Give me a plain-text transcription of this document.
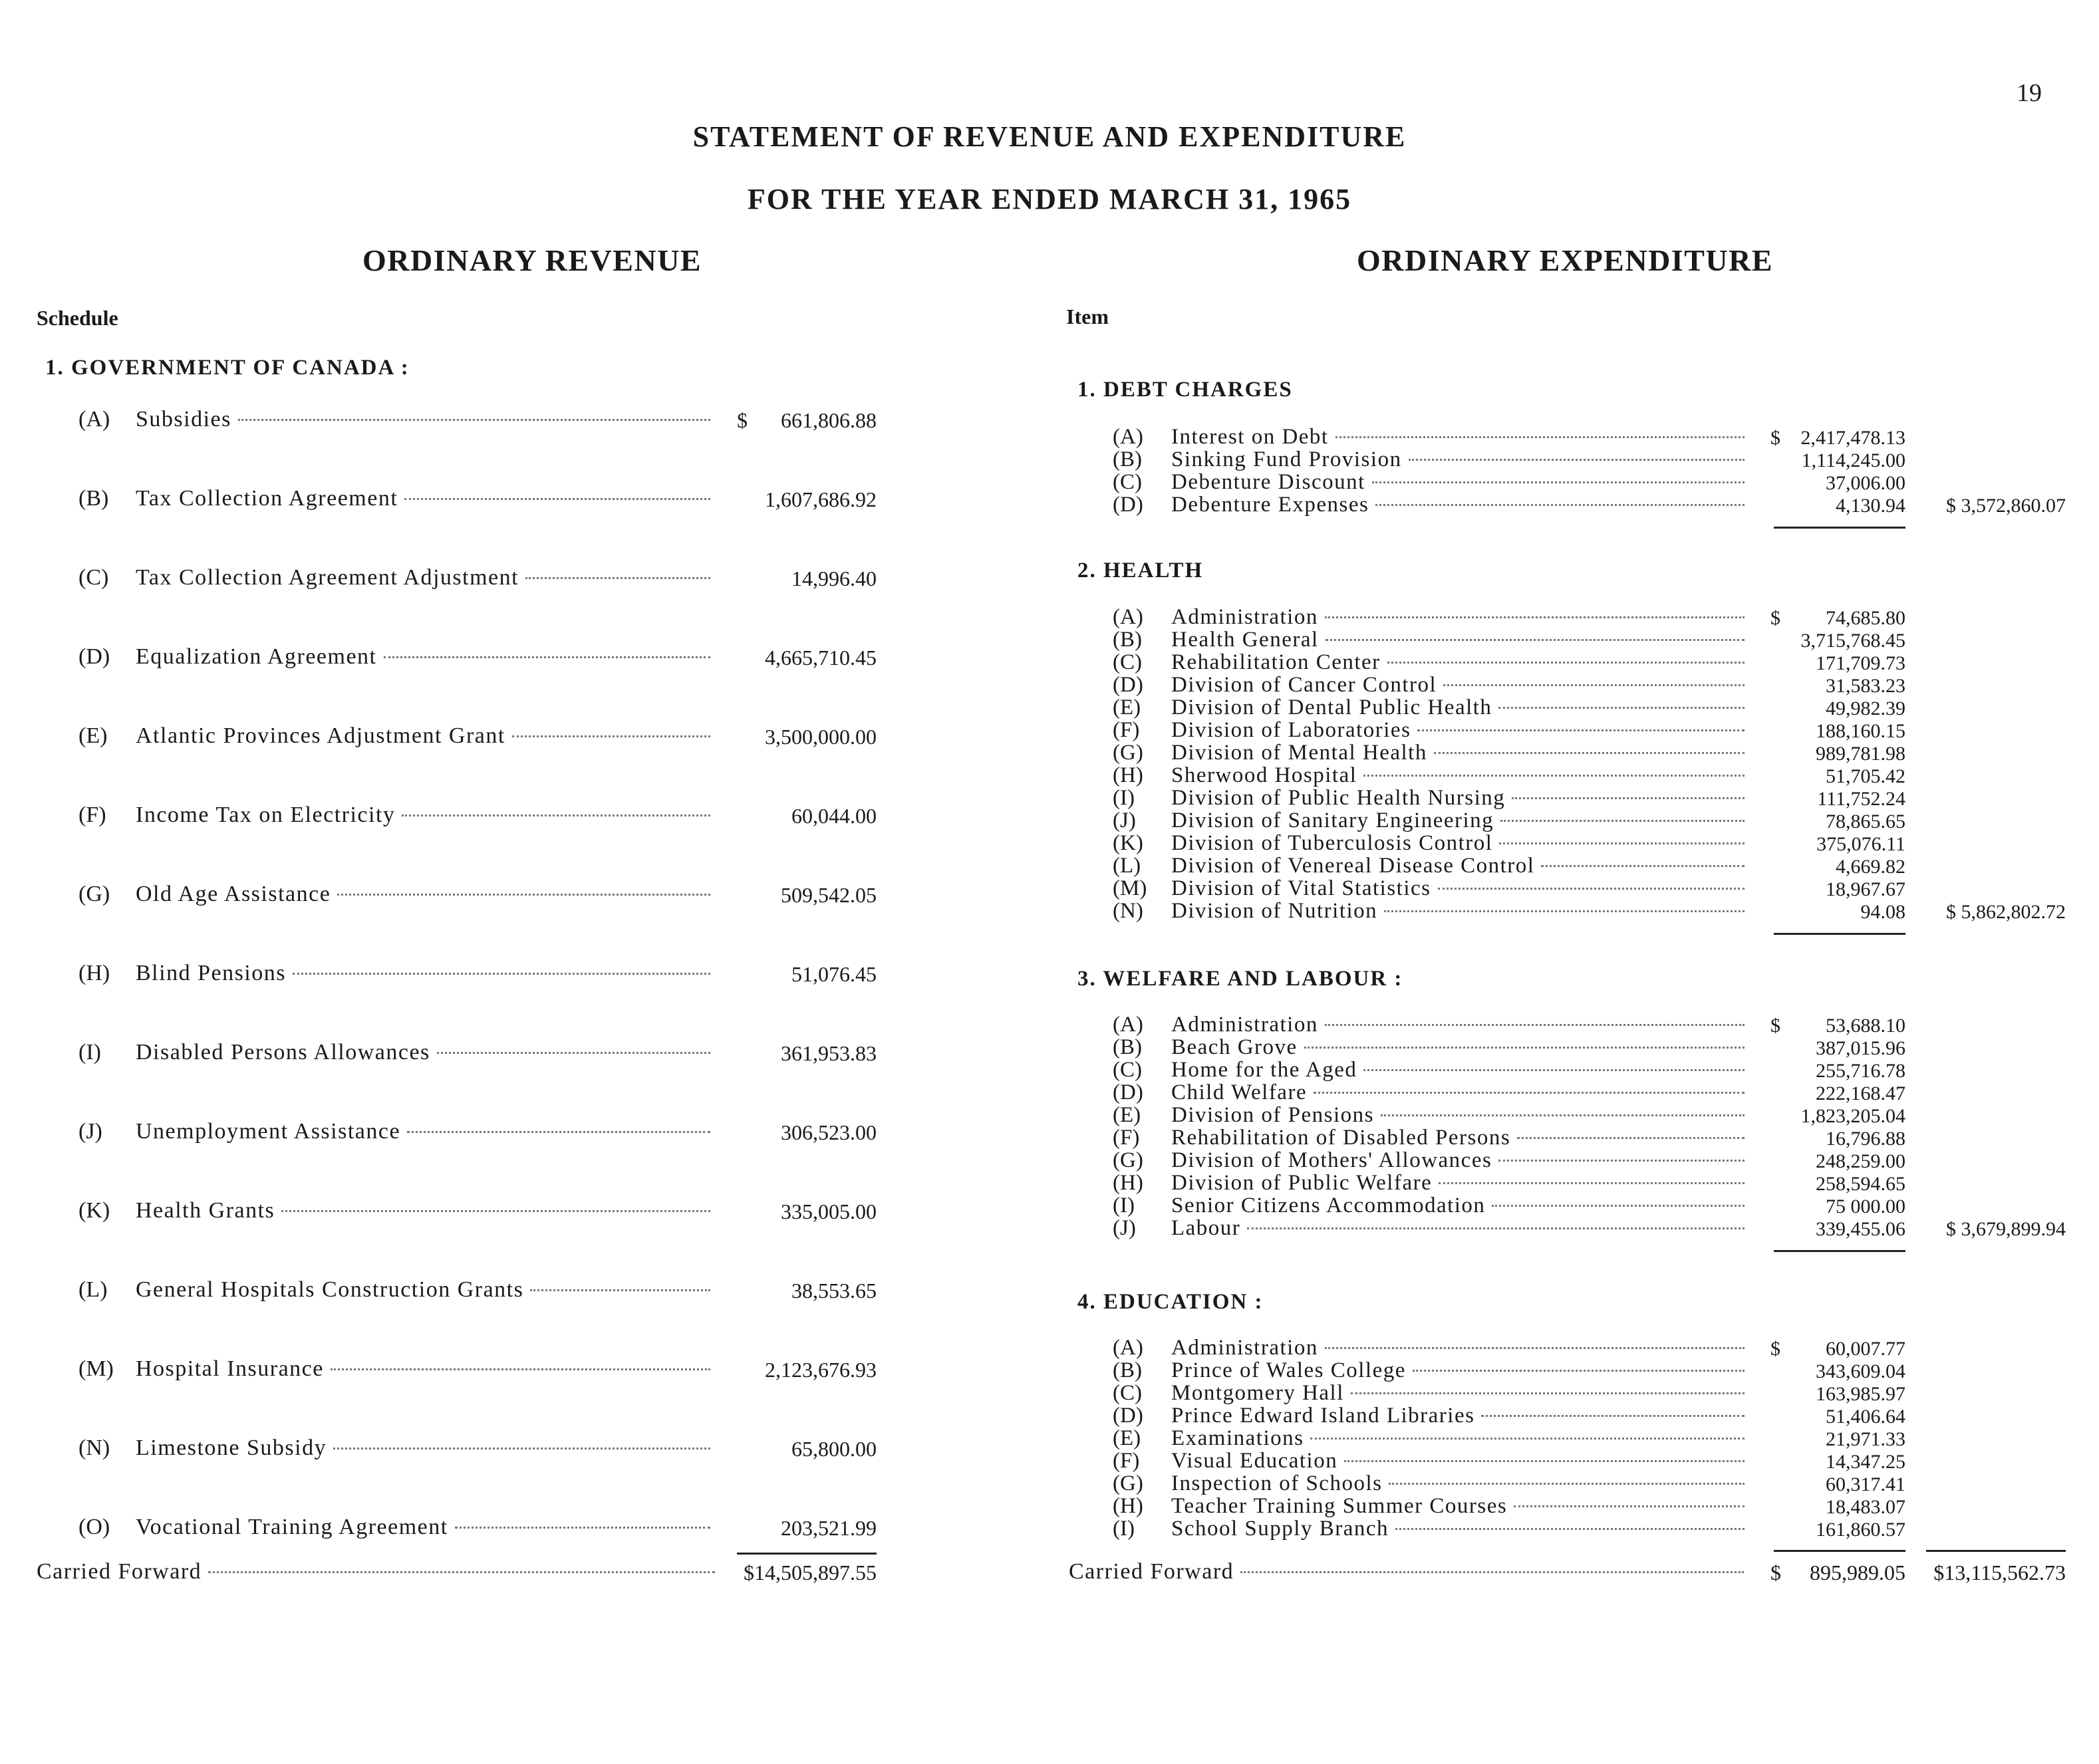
19
STATEMENT OF REVENUE AND EXPENDITURE
FOR THE YEAR ENDED MARCH 31, 1965
ORDINARY REVENUE	ORDINARY EXPENDITURE
Schedule	Item
1. GOVERNMENT OF CANADA :
(A)	Subsidies	$	661,806.88
(B)	Tax Collection Agreement	1,607,686.92
(C)	Tax Collection Agreement Adjustment	14,996.40
(D)	Equalization Agreement	4,665,710.45
(E)	Atlantic Provinces Adjustment Grant	3,500,000.00
(F)	Income Tax on Electricity	60,044.00
(G)	Old Age Assistance	509,542.05
(H)	Blind Pensions	51,076.45
(I)	Disabled Persons Allowances	361,953.83
(J)	Unemployment Assistance	306,523.00
(K)	Health Grants	335,005.00
(L)	General Hospitals Construction Grants	38,553.65
(M) Hospital Insurance	2,123,676.93
(N)	Limestone Subsidy	65,800.00
(O)	Vocational Training Agreement	203,521.99
1. DEBT CHARGES
(A)	Interest on Debt	$	2,417,478.13
(B)	Sinking Fund Provision	1,114,245.00
(C)	Debenture Discount	37,006.00
(D)	Debenture Expenses	4,130.94	$ 3,572,860.07
2. HEALTH
(A)	Administration	$	74,685.80
(B)	Health General	3,715,768.45
(C)	Rehabilitation Center	171,709.73
(D)	Division of Cancer Control	31,583.23
(E)	Division of Dental Public Health	49,982.39
(F)	Division of Laboratories	188,160.15
(G)	Division of Mental Health	989,781.98
(H)	Sherwood Hospital	51,705.42
(I)	Division of Public Health Nursing	111,752.24
(J)	Division of Sanitary Engineering	78,865.65
(K)	Division of Tuberculosis Control	375,076.11
(L)	Division of Venereal Disease Control	4,669.82
(M)	Division of Vital Statistics	18,967.67
(N)	Division of Nutrition	94.08	$ 5,862,802.72
3. WELFARE AND LABOUR :
(A)	Administration	$	53,688.10
(B)	Beach Grove	387,015.96
(C)	Home for the Aged	255,716.78
(D)	Child Welfare	222,168.47
(E)	Division of Pensions	1,823,205.04
(F)	Rehabilitation of Disabled Persons	16,796.88
(G)	Division of Mothers' Allowances	248,259.00
(H)	Division of Public Welfare	258,594.65
(I)	Senior Citizens Accommodation	75 000.00
(J)	Labour	339,455.06	$ 3,679,899.94
4. EDUCATION :
(A)	Administration	$	60,007.77
(B)	Prince of Wales College	343,609.04
(C)	Montgomery Hall	163,985.97
(D)	Prince Edward Island Libraries	51,406.64
(E)	Examinations	21,971.33
(F)	Visual Education	14,347.25
(G)	Inspection of Schools	60,317.41
(H)	Teacher Training Summer Courses	18,483.07
(I)	School Supply Branch	161,860.57
Carried Forward	$14,505,897.55	Carried Forward	$	895,989.05	$13,115,562.73
